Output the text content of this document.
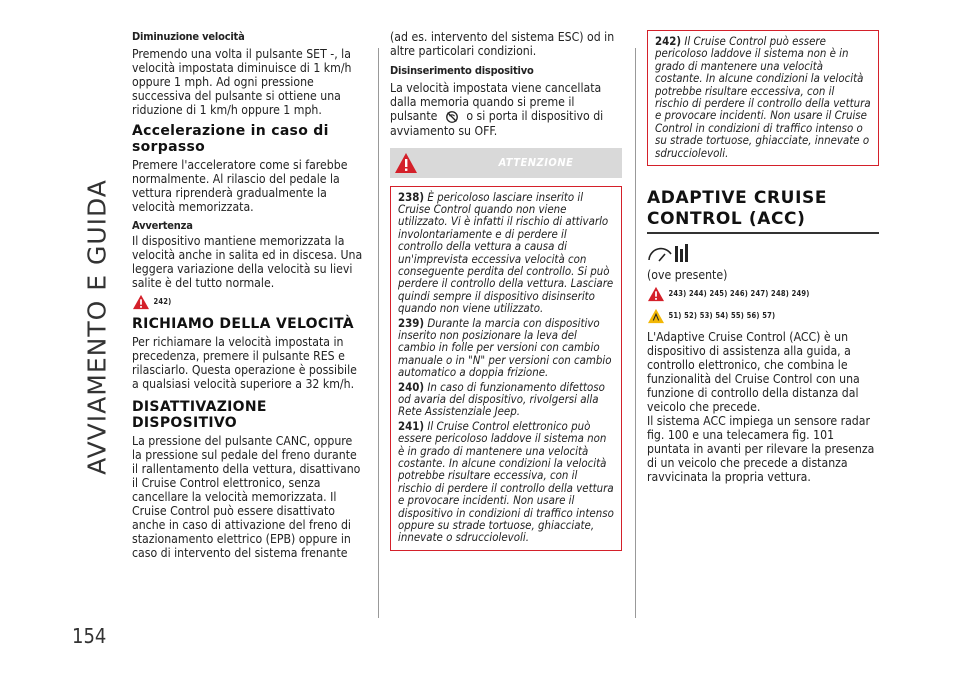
AVVIAMENTO E GUIDA
154

Diminuzione velocità

Premendo una volta il pulsante SET -, la velocità impostata diminuisce di 1 km/h oppure 1 mph. Ad ogni pressione successiva del pulsante si ottiene una riduzione di 1 km/h oppure 1 mph.

Accelerazione in caso di sorpasso

Premere l'acceleratore come si farebbe normalmente. Al rilascio del pedale la vettura riprenderà gradualmente la velocità memorizzata.

Avvertenza

Il dispositivo mantiene memorizzata la velocità anche in salita ed in discesa. Una leggera variazione della velocità su lievi salite è del tutto normale.

242)

RICHIAMO DELLA VELOCITÀ

Per richiamare la velocità impostata in precedenza, premere il pulsante RES e rilasciarlo. Questa operazione è possibile a qualsiasi velocità superiore a 32 km/h.

DISATTIVAZIONE DISPOSITIVO

La pressione del pulsante CANC, oppure la pressione sul pedale del freno durante il rallentamento della vettura, disattivano il Cruise Control elettronico, senza cancellare la velocità memorizzata. Il Cruise Control può essere disattivato anche in caso di attivazione del freno di stazionamento elettrico (EPB) oppure in caso di intervento del sistema frenante

(ad es. intervento del sistema ESC) od in altre particolari condizioni.

Disinserimento dispositivo

La velocità impostata viene cancellata dalla memoria quando si preme il pulsante o si porta il dispositivo di avviamento su OFF.

ATTENZIONE

238) È pericoloso lasciare inserito il Cruise Control quando non viene utilizzato. Vi è infatti il rischio di attivarlo involontariamente e di perdere il controllo della vettura a causa di un'imprevista eccessiva velocità con conseguente perdita del controllo. Si può perdere il controllo della vettura. Lasciare quindi sempre il dispositivo disinserito quando non viene utilizzato.

239) Durante la marcia con dispositivo inserito non posizionare la leva del cambio in folle per versioni con cambio manuale o in "N" per versioni con cambio automatico a doppia frizione.

240) In caso di funzionamento difettoso od avaria del dispositivo, rivolgersi alla Rete Assistenziale Jeep.

241) Il Cruise Control elettronico può essere pericoloso laddove il sistema non è in grado di mantenere una velocità costante. In alcune condizioni la velocità potrebbe risultare eccessiva, con il rischio di perdere il controllo della vettura e provocare incidenti. Non usare il dispositivo in condizioni di traffico intenso oppure su strade tortuose, ghiacciate, innevate o sdrucciolevoli.

242) Il Cruise Control può essere pericoloso laddove il sistema non è in grado di mantenere una velocità costante. In alcune condizioni la velocità potrebbe risultare eccessiva, con il rischio di perdere il controllo della vettura e provocare incidenti. Non usare il Cruise Control in condizioni di traffico intenso o su strade tortuose, ghiacciate, innevate o sdrucciolevoli.

ADAPTIVE CRUISE CONTROL (ACC)

(ove presente)

243) 244) 245) 246) 247) 248) 249)
51) 52) 53) 54) 55) 56) 57)

L'Adaptive Cruise Control (ACC) è un dispositivo di assistenza alla guida, a controllo elettronico, che combina le funzionalità del Cruise Control con una funzione di controllo della distanza dal veicolo che precede.

Il sistema ACC impiega un sensore radar fig. 100 e una telecamera fig. 101 puntata in avanti per rilevare la presenza di un veicolo che precede a distanza ravvicinata la propria vettura.
